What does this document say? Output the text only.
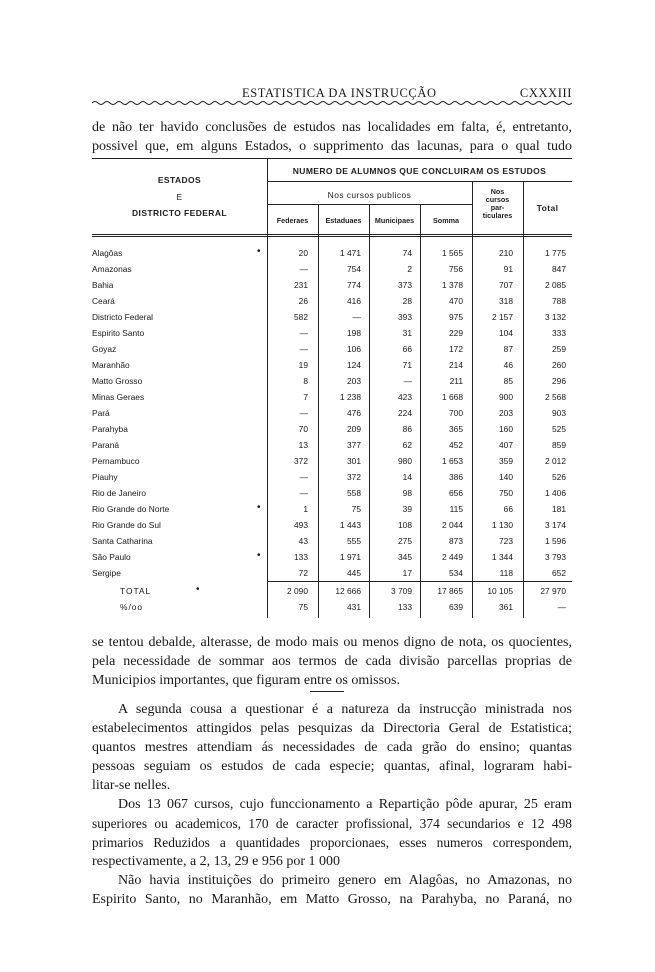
ESTATISTICA DA INSTRUCÇÃO	CXXXIII
de não ter havido conclusões de estudos nas localidades em falta, é, entretanto,
possivel que, em alguns Estados, o supprimento das lacunas, para o qual tudo
ESTADOS
E
DISTRICTO FEDERAL
NUMERO DE ALUMNOS QUE CONCLUIRAM OS ESTUDOS
Nos cursos publicos	Nos
cursos
par-
ticulares
Total
Federaes	Estaduaes	Municipaes	Somma
Alagôas	•	20	1 471	74	1 565	210	1 775
Amazonas	—	754	2	756	91	847
Bahia	231	774	373	1 378	707	2 085
Ceará	26	416	28	470	318	788
Districto Federal	582	—	393	975	2 157	3 132
Espirito Santo	—	198	31	229	104	333
Goyaz	—	106	66	172	87	259
Maranhão	19	124	71	214	46	260
Matto Grosso	8	203	—	211	85	296
Minas Geraes	7	1 238	423	1 668	900	2 568
Pará	—	476	224	700	203	903
Parahyba	70	209	86	365	160	525
Paraná	13	377	62	452	407	859
Pernambuco	372	301	980	1 653	359	2 012
Piauhy	—	372	14	386	140	526
Rio de Janeiro	—	558	98	656	750	1 406
Rio Grande do Norte	•	1	75	39	115	66	181
Rio Grande do Sul	493	1 443	108	2 044	1 130	3 174
Santa Catharina	43	555	275	873	723	1 596
São Paulo	•	133	1 971	345	2 449	1 344	3 793
Sergipe	72	445	17	534	118	652
TOTAL	•	2 090	12 666	3 709	17 865	10 105	27 970
%/oo	75	431	133	639	361	—
se tentou debalde, alterasse, de modo mais ou menos digno de nota, os quocientes,
pela necessidade de sommar aos termos de cada divisão parcellas proprias de
Municipios importantes, que figuram entre os omissos.
A segunda cousa a questionar é a natureza da instrucção ministrada nos
estabelecimentos attingidos pelas pesquizas da Directoria Geral de Estatistica;
quantos mestres attendiam ás necessidades de cada grão do ensino; quantas
pessoas seguiam os estudos de cada especie; quantas, afinal, lograram habi-
litar-se nelles.
Dos 13 067 cursos, cujo funccionamento a Repartição pôde apurar, 25 eram
superiores ou academicos, 170 de caracter profissional, 374 secundarios e 12 498
primarios Reduzidos a quantidades proporcionaes, esses numeros correspondem,
respectivamente, a 2, 13, 29 e 956 por 1 000
Não havia instituições do primeiro genero em Alagôas, no Amazonas, no
Espirito Santo, no Maranhão, em Matto Grosso, na Parahyba, no Paraná, no
